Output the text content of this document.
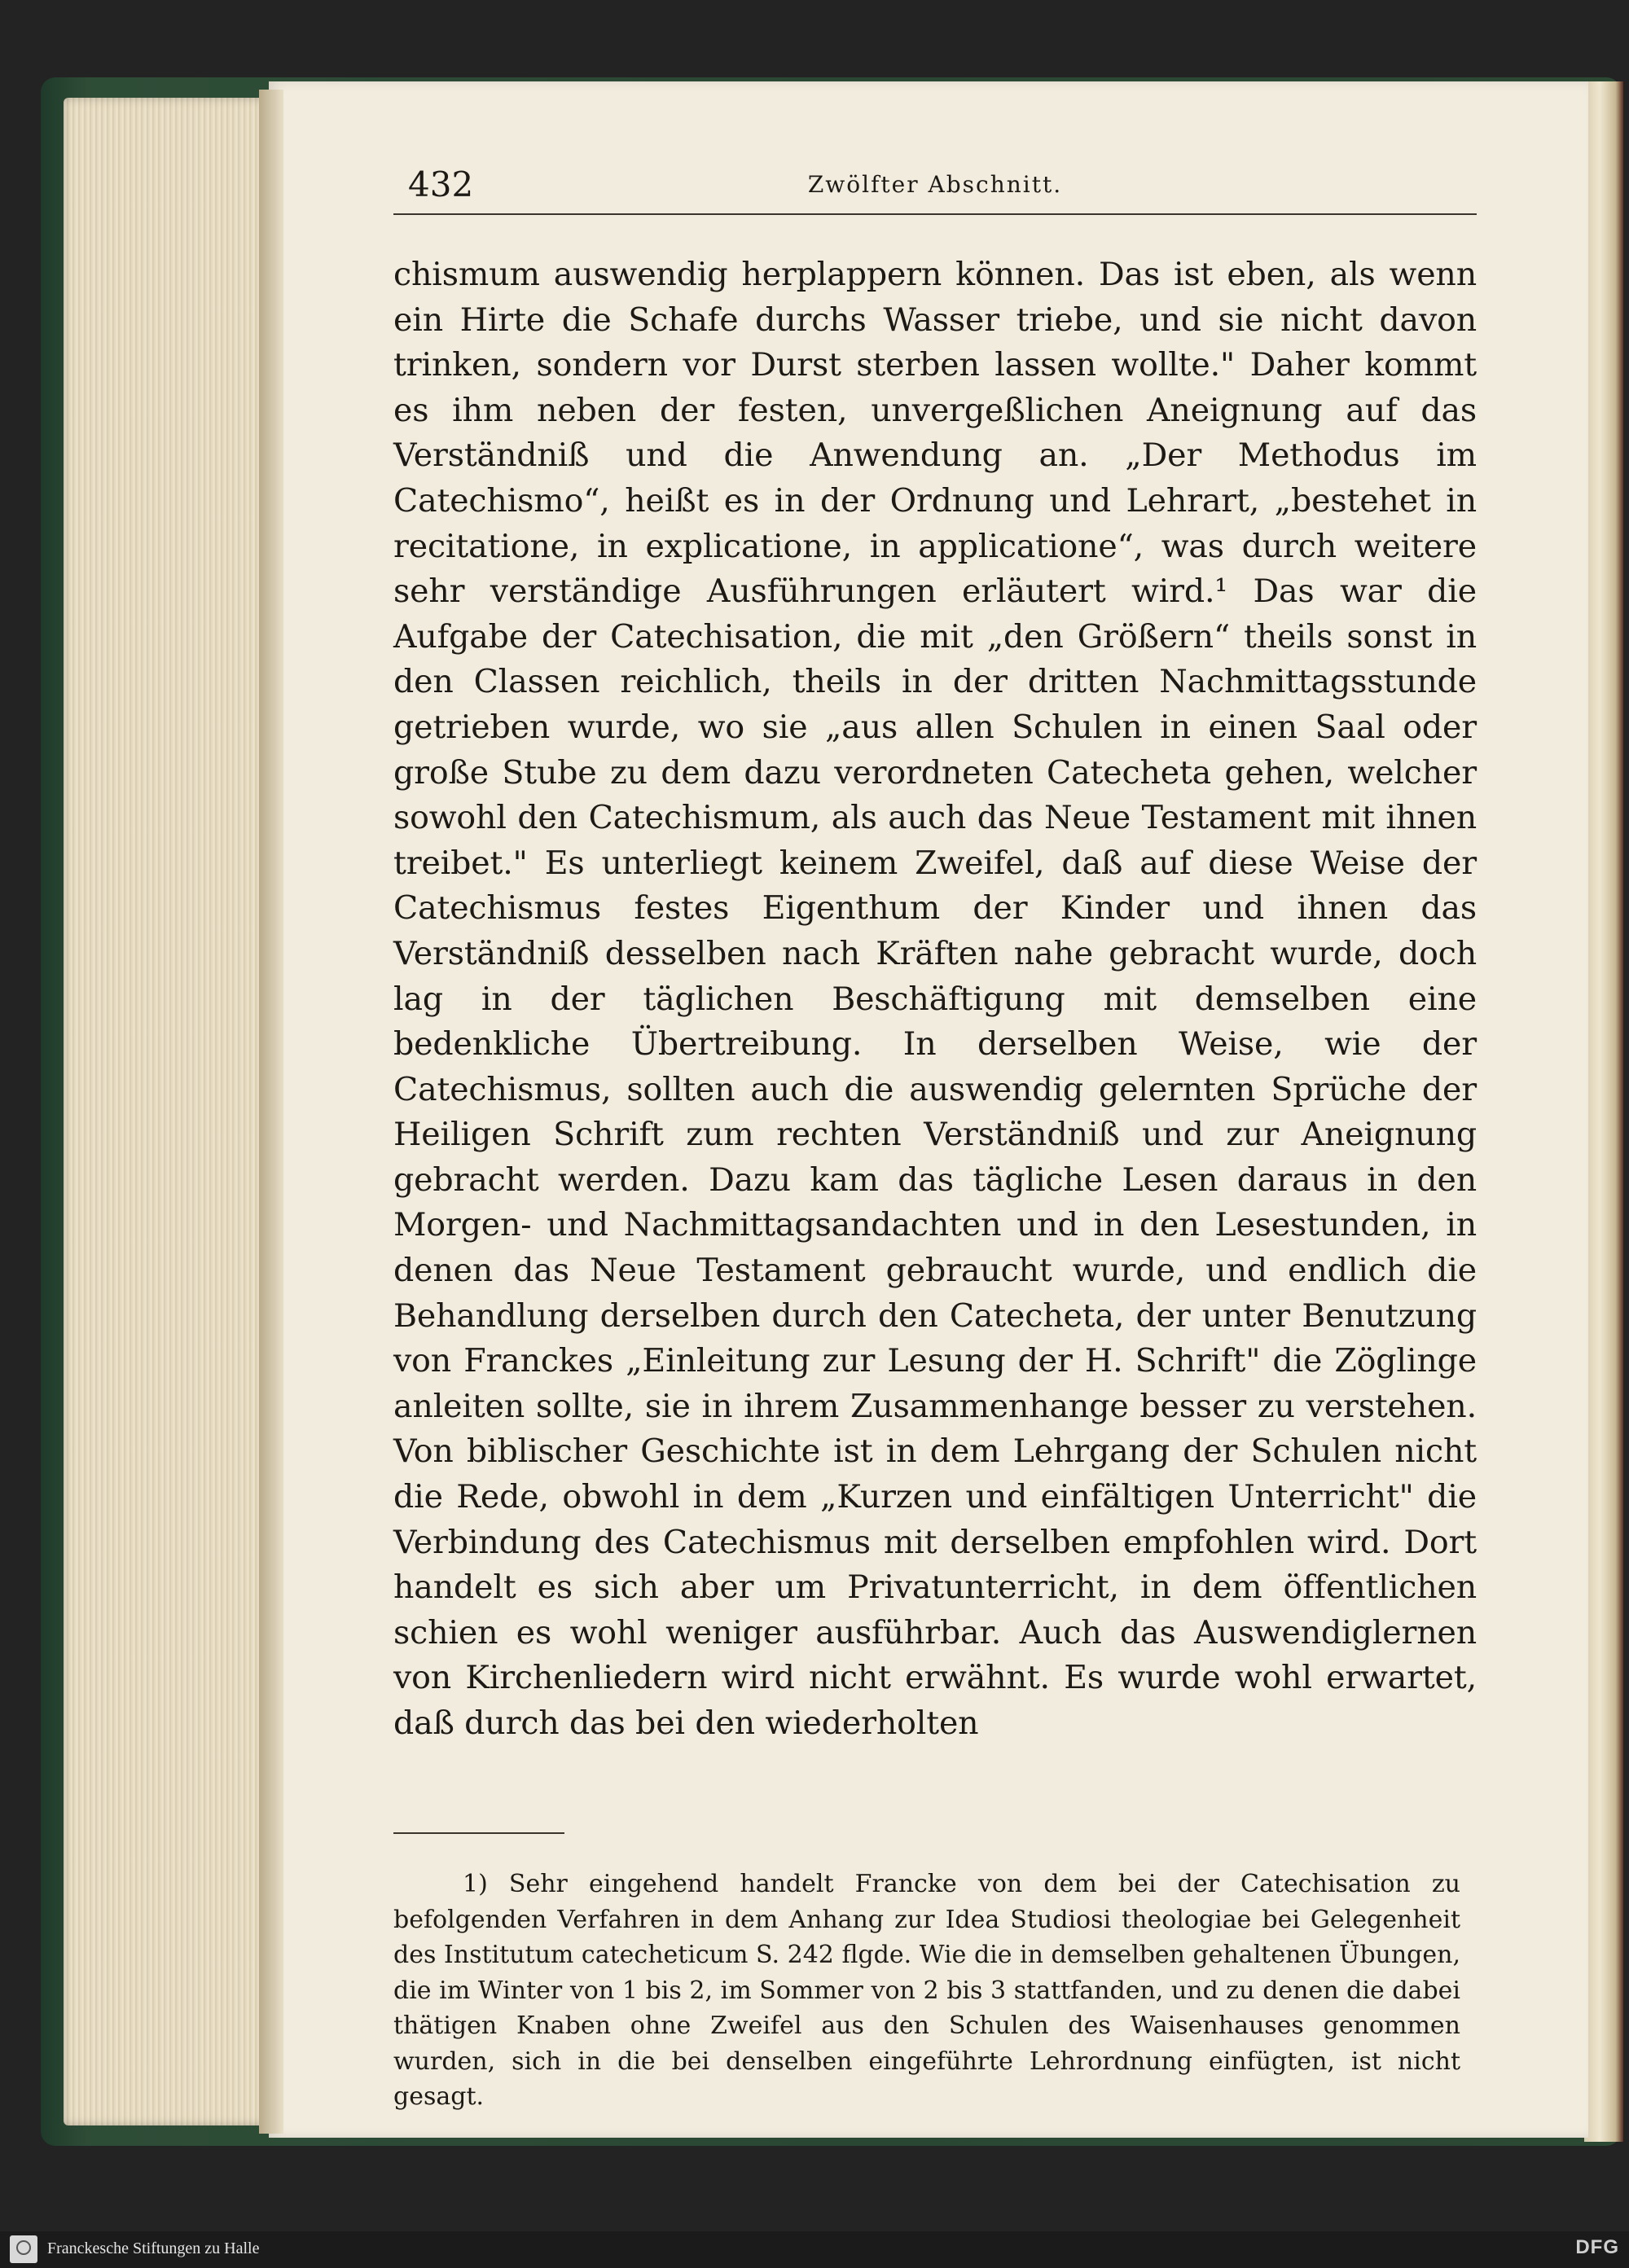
432	Zwölfter Abschnitt.

chismum auswendig herplappern können. Das ist eben, als wenn ein Hirte die Schafe durchs Wasser triebe, und sie nicht davon trinken, sondern vor Durst sterben lassen wollte." Daher kommt es ihm neben der festen, unvergeßlichen Aneignung auf das Verständniß und die Anwendung an. „Der Methodus im Catechismo“, heißt es in der Ordnung und Lehrart, „bestehet in recitatione, in explicatione, in applicatione“, was durch weitere sehr verständige Ausführungen erläutert wird.¹ Das war die Aufgabe der Catechisation, die mit „den Größern“ theils sonst in den Classen reichlich, theils in der dritten Nachmittagsstunde getrieben wurde, wo sie „aus allen Schulen in einen Saal oder große Stube zu dem dazu verordneten Catecheta gehen, welcher sowohl den Catechismum, als auch das Neue Testament mit ihnen treibet." Es unterliegt keinem Zweifel, daß auf diese Weise der Catechismus festes Eigenthum der Kinder und ihnen das Verständniß desselben nach Kräften nahe gebracht wurde, doch lag in der täglichen Beschäftigung mit demselben eine bedenkliche Übertreibung. In derselben Weise, wie der Catechismus, sollten auch die auswendig gelernten Sprüche der Heiligen Schrift zum rechten Verständniß und zur Aneignung gebracht werden. Dazu kam das tägliche Lesen daraus in den Morgen- und Nachmittagsandachten und in den Lesestunden, in denen das Neue Testament gebraucht wurde, und endlich die Behandlung derselben durch den Catecheta, der unter Benutzung von Franckes „Einleitung zur Lesung der H. Schrift" die Zöglinge anleiten sollte, sie in ihrem Zusammenhange besser zu verstehen. Von biblischer Geschichte ist in dem Lehrgang der Schulen nicht die Rede, obwohl in dem „Kurzen und einfältigen Unterricht" die Verbindung des Catechismus mit derselben empfohlen wird. Dort handelt es sich aber um Privatunterricht, in dem öffentlichen schien es wohl weniger ausführbar. Auch das Auswendiglernen von Kirchenliedern wird nicht erwähnt. Es wurde wohl erwartet, daß durch das bei den wiederholten

1) Sehr eingehend handelt Francke von dem bei der Catechisation zu befolgenden Verfahren in dem Anhang zur Idea Studiosi theologiae bei Gelegenheit des Institutum catecheticum S. 242 flgde. Wie die in demselben gehaltenen Übungen, die im Winter von 1 bis 2, im Sommer von 2 bis 3 stattfanden, und zu denen die dabei thätigen Knaben ohne Zweifel aus den Schulen des Waisenhauses genommen wurden, sich in die bei denselben eingeführte Lehrordnung einfügten, ist nicht gesagt.

Franckesche Stiftungen zu Halle	DFG
